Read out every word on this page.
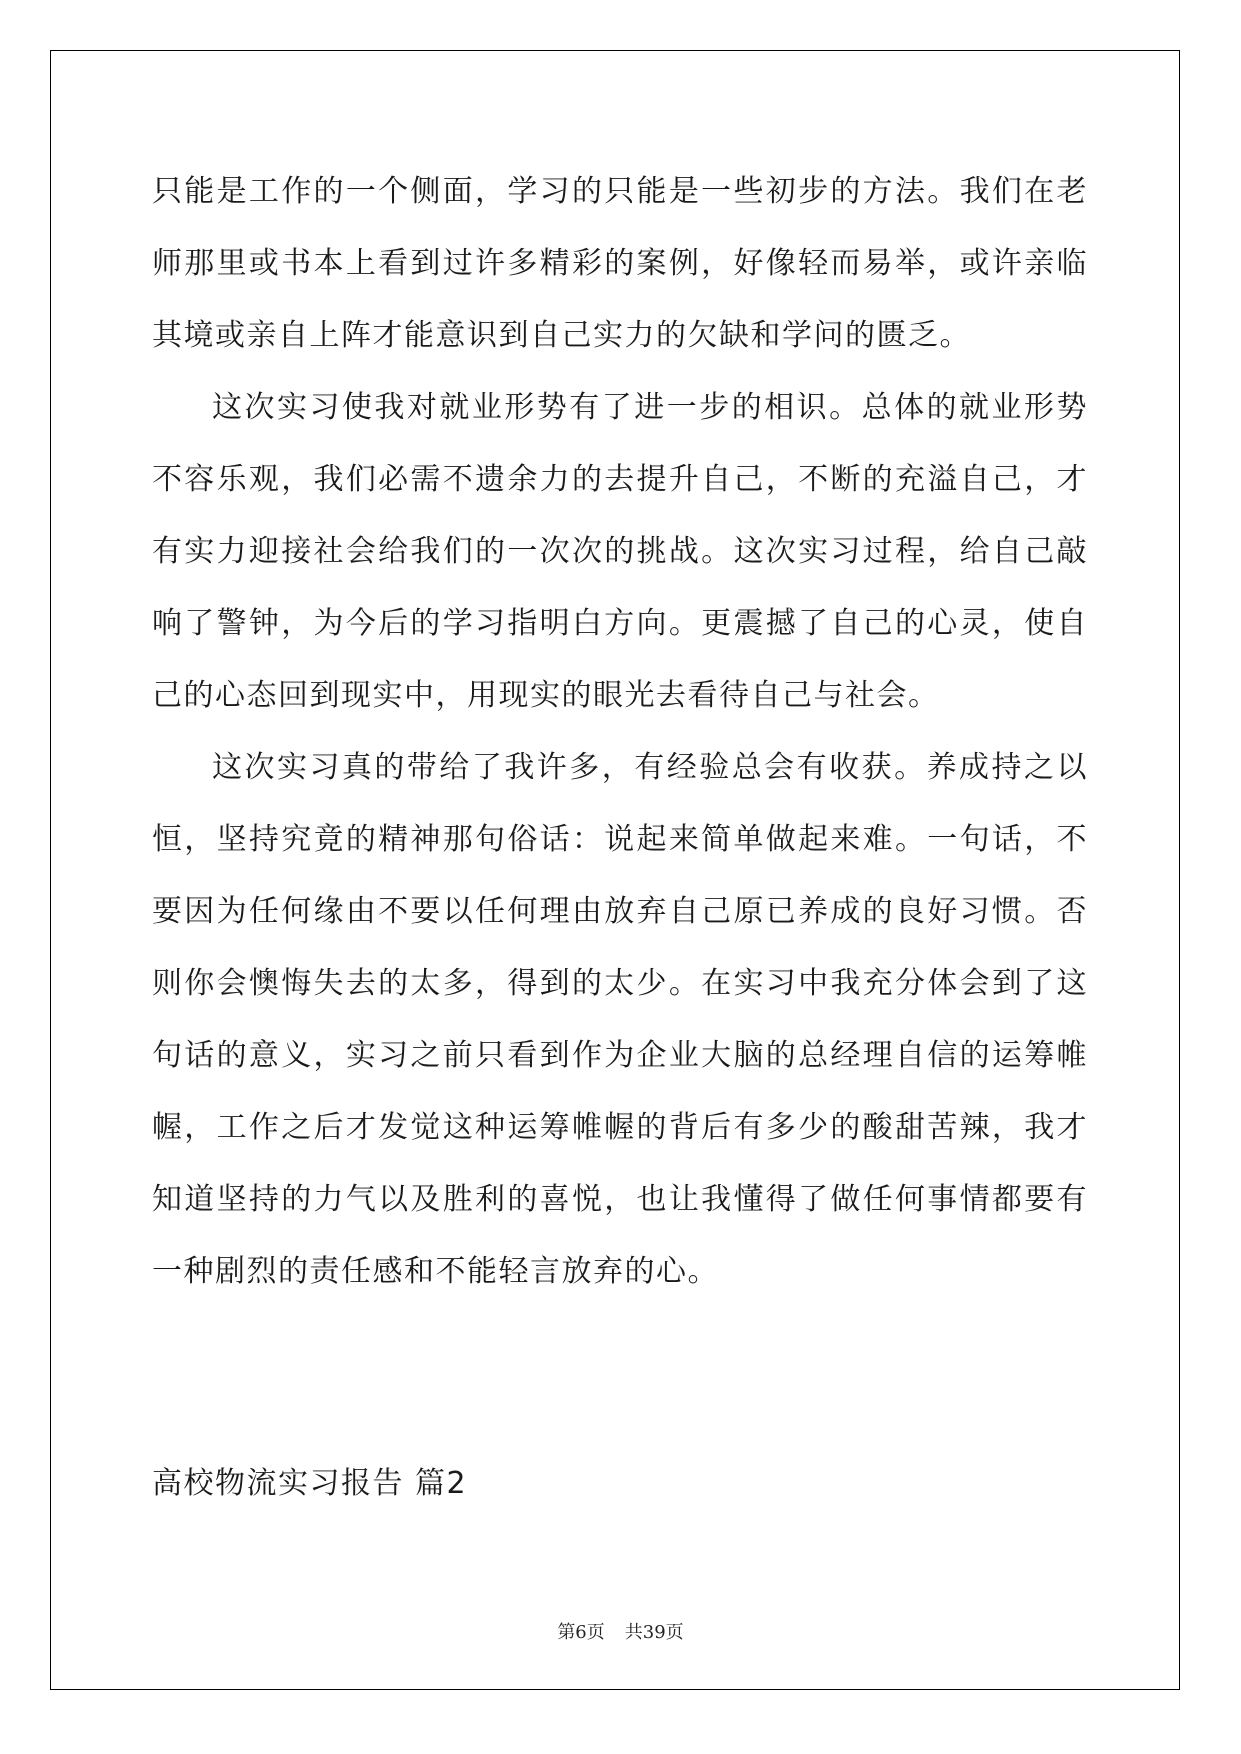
只能是工作的一个侧面，学习的只能是一些初步的方法。我们在老师那里或书本上看到过许多精彩的案例，好像轻而易举，或许亲临其境或亲自上阵才能意识到自己实力的欠缺和学问的匮乏。

这次实习使我对就业形势有了进一步的相识。总体的就业形势不容乐观，我们必需不遗余力的去提升自己，不断的充溢自己，才有实力迎接社会给我们的一次次的挑战。这次实习过程，给自己敲响了警钟，为今后的学习指明白方向。更震撼了自己的心灵，使自己的心态回到现实中，用现实的眼光去看待自己与社会。

这次实习真的带给了我许多，有经验总会有收获。养成持之以恒，坚持究竟的精神那句俗话：说起来简单做起来难。一句话，不要因为任何缘由不要以任何理由放弃自己原已养成的良好习惯。否则你会懊悔失去的太多，得到的太少。在实习中我充分体会到了这句话的意义，实习之前只看到作为企业大脑的总经理自信的运筹帷幄，工作之后才发觉这种运筹帷幄的背后有多少的酸甜苦辣，我才知道坚持的力气以及胜利的喜悦，也让我懂得了做任何事情都要有一种剧烈的责任感和不能轻言放弃的心。

高校物流实习报告 篇2
第6页 共39页
